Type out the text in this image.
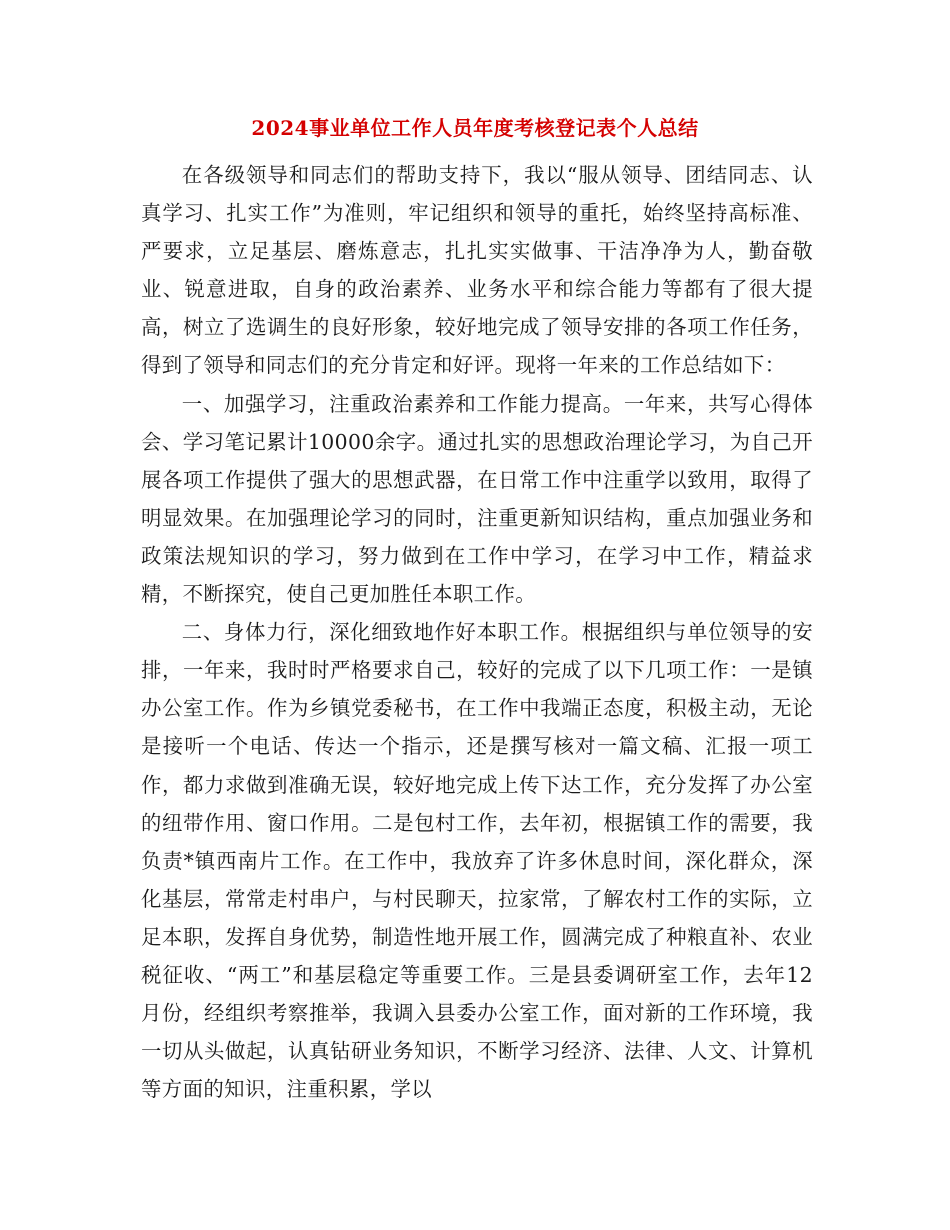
2024事业单位工作人员年度考核登记表个人总结

在各级领导和同志们的帮助支持下，我以“服从领导、团结同志、认真学习、扎实工作”为准则，牢记组织和领导的重托，始终坚持高标准、严要求，立足基层、磨炼意志，扎扎实实做事、干洁净净为人，勤奋敬业、锐意进取，自身的政治素养、业务水平和综合能力等都有了很大提高，树立了选调生的良好形象，较好地完成了领导安排的各项工作任务，得到了领导和同志们的充分肯定和好评。现将一年来的工作总结如下：

一、加强学习，注重政治素养和工作能力提高。一年来，共写心得体会、学习笔记累计10000余字。通过扎实的思想政治理论学习，为自己开展各项工作提供了强大的思想武器，在日常工作中注重学以致用，取得了明显效果。在加强理论学习的同时，注重更新知识结构，重点加强业务和政策法规知识的学习，努力做到在工作中学习，在学习中工作，精益求精，不断探究，使自己更加胜任本职工作。

二、身体力行，深化细致地作好本职工作。根据组织与单位领导的安排，一年来，我时时严格要求自己，较好的完成了以下几项工作：一是镇办公室工作。作为乡镇党委秘书，在工作中我端正态度，积极主动，无论是接听一个电话、传达一个指示，还是撰写核对一篇文稿、汇报一项工作，都力求做到准确无误，较好地完成上传下达工作，充分发挥了办公室的纽带作用、窗口作用。二是包村工作，去年初，根据镇工作的需要，我负责*镇西南片工作。在工作中，我放弃了许多休息时间，深化群众，深化基层，常常走村串户，与村民聊天，拉家常，了解农村工作的实际，立足本职，发挥自身优势，制造性地开展工作，圆满完成了种粮直补、农业税征收、“两工”和基层稳定等重要工作。三是县委调研室工作，去年12月份，经组织考察推举，我调入县委办公室工作，面对新的工作环境，我一切从头做起，认真钻研业务知识，不断学习经济、法律、人文、计算机等方面的知识，注重积累，学以
